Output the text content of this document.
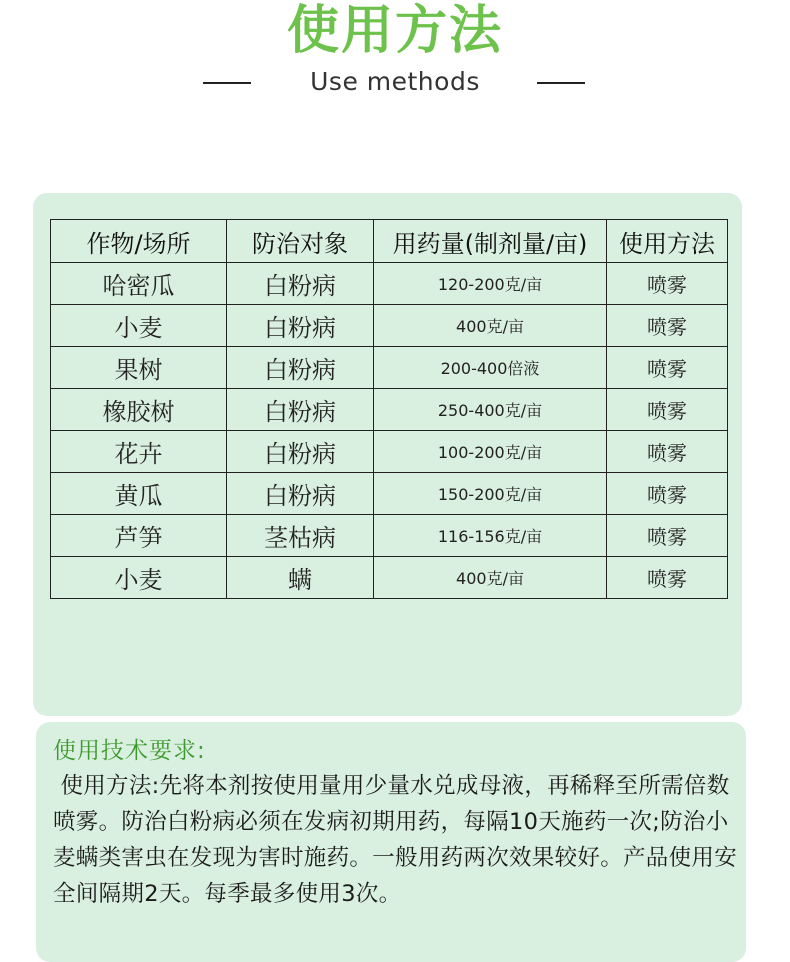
使用方法
Use methods
作物/场所	防治对象	用药量(制剂量/亩)	使用方法
哈密瓜	白粉病	120-200克/亩	喷雾
小麦	白粉病	400克/亩	喷雾
果树	白粉病	200-400倍液	喷雾
橡胶树	白粉病	250-400克/亩	喷雾
花卉	白粉病	100-200克/亩	喷雾
黄瓜	白粉病	150-200克/亩	喷雾
芦笋	茎枯病	116-156克/亩	喷雾
小麦	螨	400克/亩	喷雾
使用技术要求:
使用方法:先将本剂按使用量用少量水兑成母液，再稀释至所需倍数喷雾。防治白粉病必须在发病初期用药，每隔10天施药一次;防治小麦螨类害虫在发现为害时施药。一般用药两次效果较好。产品使用安全间隔期2天。每季最多使用3次。
